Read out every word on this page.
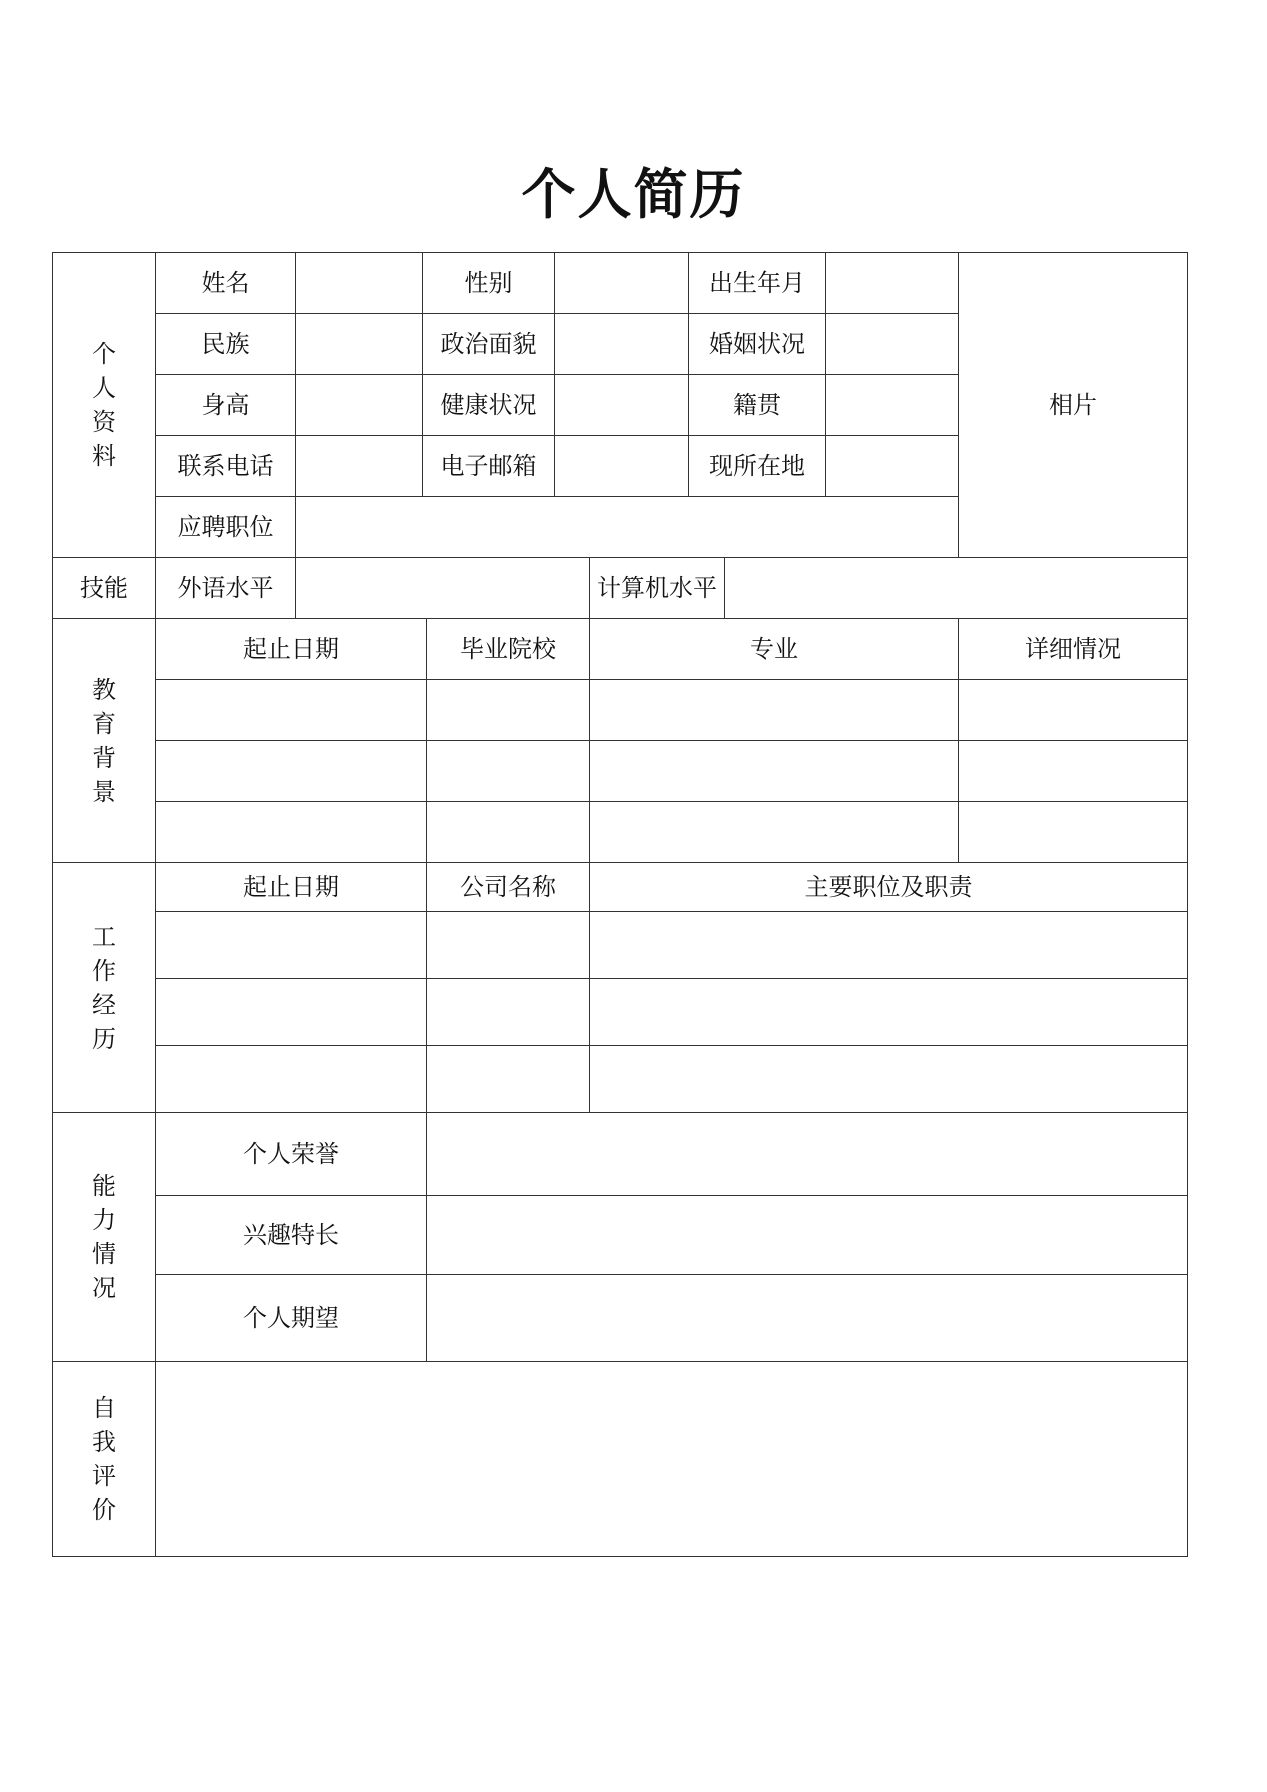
个人简历
个人资料	姓名		性别				出生年月			相片
	民族		政治面貌				婚姻状况			
	身高		健康状况				籍贯			
	联系电话		电子邮箱				现所在地			
	应聘职位									
技能	外语水平					计算机水平				
教育背景	起止日期			毕业院校		专业				详细情况

工作经历	起止日期			公司名称		主要职位及职责				

能力情况	个人荣誉									
	兴趣特长									
	个人期望									
自我评价										
